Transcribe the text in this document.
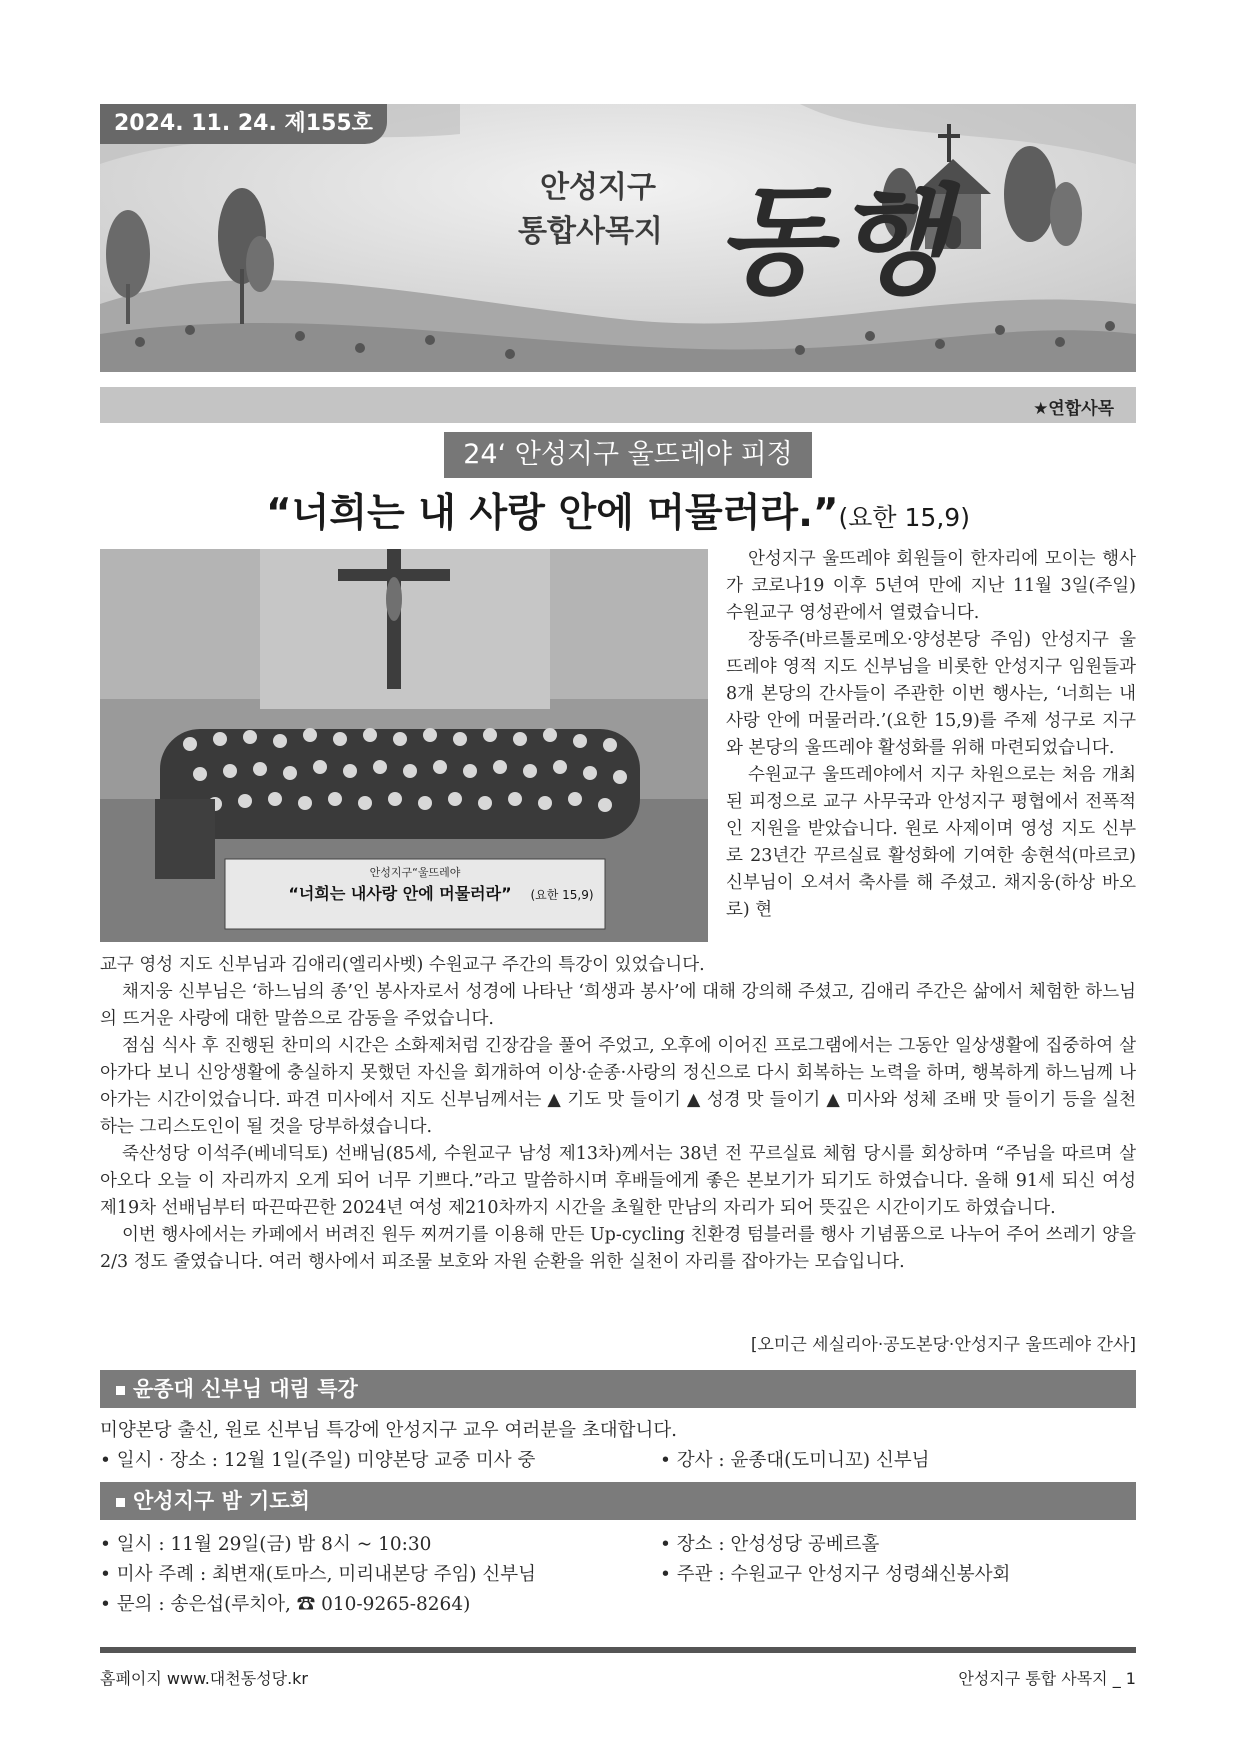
2024. 11. 24. 제155호
안성지구
통합사목지 동행
★연합사목
24‘ 안성지구 울뜨레야 피정
“너희는 내 사랑 안에 머물러라.”(요한 15,9)
안성지구“울뜨레야
“너희는 내사랑 안에 머물러라” (요한 15,9)

안성지구 울뜨레야 회원들이 한자리에 모이는 행사가 코로나19 이후 5년여 만에 지난 11월 3일(주일) 수원교구 영성관에서 열렸습니다.

장동주(바르톨로메오·양성본당 주임) 안성지구 울뜨레야 영적 지도 신부님을 비롯한 안성지구 임원들과 8개 본당의 간사들이 주관한 이번 행사는, ‘너희는 내 사랑 안에 머물러라.’(요한 15,9)를 주제 성구로 지구와 본당의 울뜨레야 활성화를 위해 마련되었습니다.

수원교구 울뜨레야에서 지구 차원으로는 처음 개최된 피정으로 교구 사무국과 안성지구 평협에서 전폭적인 지원을 받았습니다. 원로 사제이며 영성 지도 신부로 23년간 꾸르실료 활성화에 기여한 송현석(마르코) 신부님이 오셔서 축사를 해 주셨고. 채지웅(하상 바오로) 현

교구 영성 지도 신부님과 김애리(엘리사벳) 수원교구 주간의 특강이 있었습니다.

채지웅 신부님은 ‘하느님의 종’인 봉사자로서 성경에 나타난 ‘희생과 봉사’에 대해 강의해 주셨고, 김애리 주간은 삶에서 체험한 하느님의 뜨거운 사랑에 대한 말씀으로 감동을 주었습니다.

점심 식사 후 진행된 찬미의 시간은 소화제처럼 긴장감을 풀어 주었고, 오후에 이어진 프로그램에서는 그동안 일상생활에 집중하여 살아가다 보니 신앙생활에 충실하지 못했던 자신을 회개하여 이상·순종·사랑의 정신으로 다시 회복하는 노력을 하며, 행복하게 하느님께 나아가는 시간이었습니다. 파견 미사에서 지도 신부님께서는 ▲ 기도 맛 들이기 ▲ 성경 맛 들이기 ▲ 미사와 성체 조배 맛 들이기 등을 실천하는 그리스도인이 될 것을 당부하셨습니다.

죽산성당 이석주(베네딕토) 선배님(85세, 수원교구 남성 제13차)께서는 38년 전 꾸르실료 체험 당시를 회상하며 “주님을 따르며 살아오다 오늘 이 자리까지 오게 되어 너무 기쁘다.”라고 말씀하시며 후배들에게 좋은 본보기가 되기도 하였습니다. 올해 91세 되신 여성 제19차 선배님부터 따끈따끈한 2024년 여성 제210차까지 시간을 초월한 만남의 자리가 되어 뜻깊은 시간이기도 하였습니다.

이번 행사에서는 카페에서 버려진 원두 찌꺼기를 이용해 만든 Up-cycling 친환경 텀블러를 행사 기념품으로 나누어 주어 쓰레기 양을 2/3 정도 줄였습니다. 여러 행사에서 피조물 보호와 자원 순환을 위한 실천이 자리를 잡아가는 모습입니다.

[오미근 세실리아·공도본당·안성지구 울뜨레야 간사]
윤종대 신부님 대림 특강
미양본당 출신, 원로 신부님 특강에 안성지구 교우 여러분을 초대합니다.
• 일시 · 장소 : 12월 1일(주일) 미양본당 교중 미사 중	• 강사 : 윤종대(도미니꼬) 신부님
안성지구 밤 기도회
• 일시 : 11월 29일(금) 밤 8시 ~ 10:30	• 장소 : 안성성당 공베르홀
• 미사 주례 : 최변재(토마스, 미리내본당 주임) 신부님	• 주관 : 수원교구 안성지구 성령쇄신봉사회
• 문의 : 송은섭(루치아, ☎ 010-9265-8264)
홈페이지 www.대천동성당.kr	안성지구 통합 사목지 _ 1
